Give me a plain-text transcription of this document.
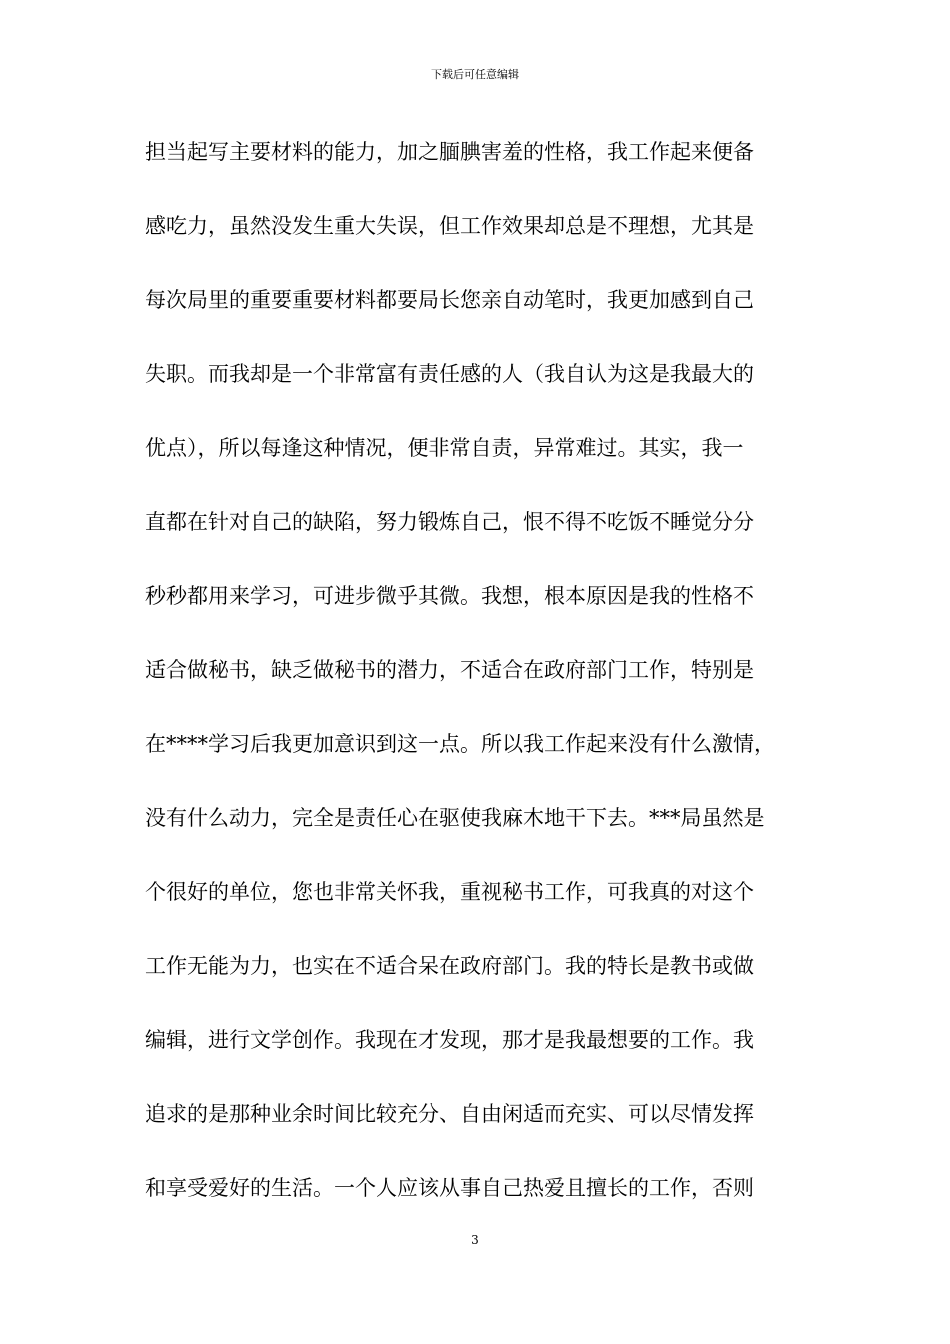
下载后可任意编辑
担当起写主要材料的能力，加之腼腆害羞的性格，我工作起来便备
感吃力，虽然没发生重大失误，但工作效果却总是不理想，尤其是
每次局里的重要重要材料都要局长您亲自动笔时，我更加感到自己
失职。而我却是一个非常富有责任感的人（我自认为这是我最大的
优点），所以每逢这种情况，便非常自责，异常难过。其实，我一
直都在针对自己的缺陷，努力锻炼自己，恨不得不吃饭不睡觉分分
秒秒都用来学习，可进步微乎其微。我想，根本原因是我的性格不
适合做秘书，缺乏做秘书的潜力，不适合在政府部门工作，特别是
在****学习后我更加意识到这一点。所以我工作起来没有什么激情，
没有什么动力，完全是责任心在驱使我麻木地干下去。***局虽然是
个很好的单位，您也非常关怀我，重视秘书工作，可我真的对这个
工作无能为力，也实在不适合呆在政府部门。我的特长是教书或做
编辑，进行文学创作。我现在才发现，那才是我最想要的工作。我
追求的是那种业余时间比较充分、自由闲适而充实、可以尽情发挥
和享受爱好的生活。一个人应该从事自己热爱且擅长的工作，否则
3
